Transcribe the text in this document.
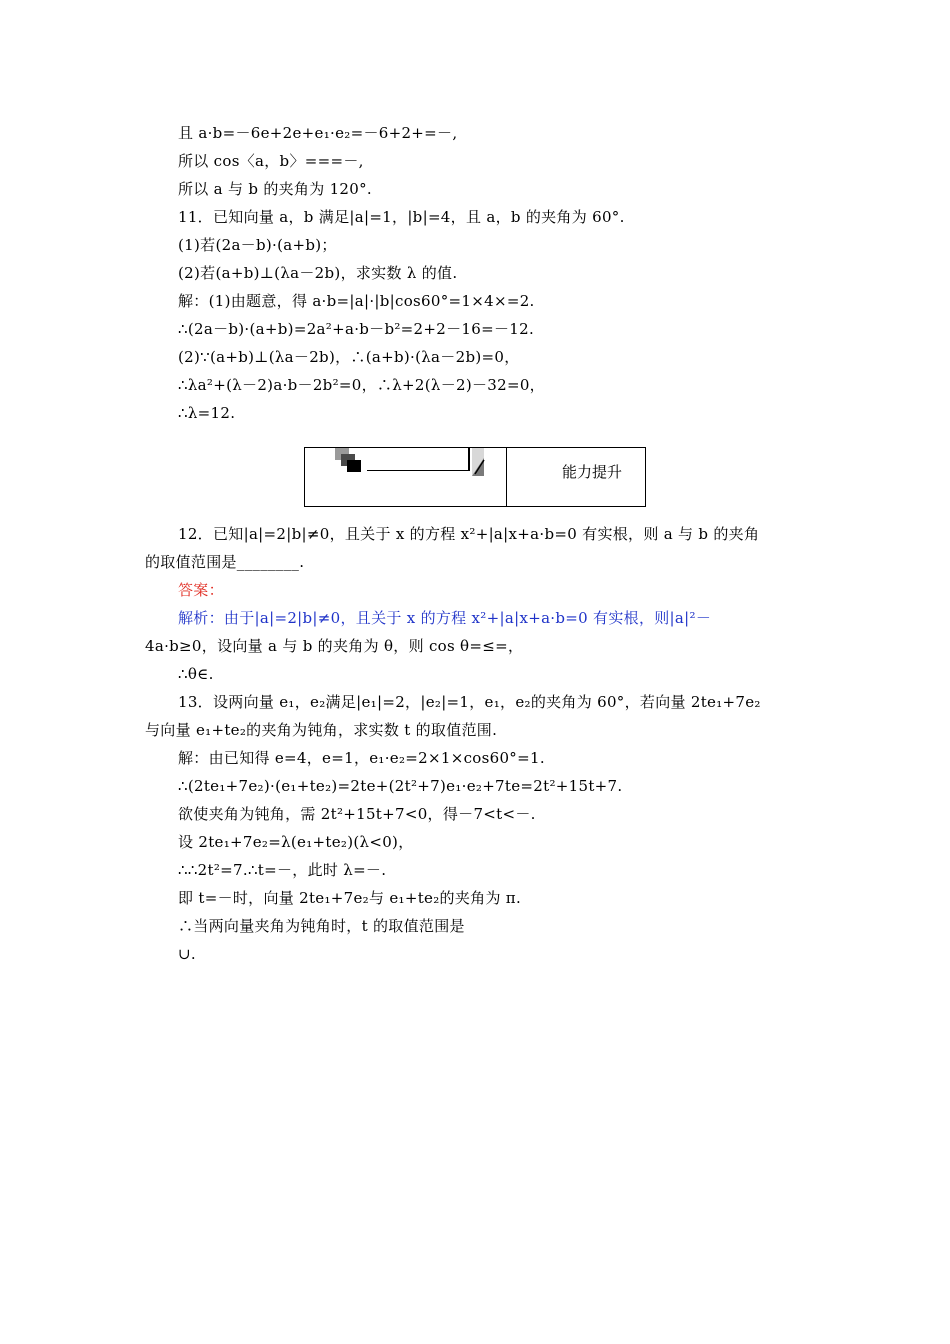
且 a·b=－6e+2e+e₁·e₂=－6+2+=－,
所以 cos〈a，b〉===－,
所以 a 与 b 的夹角为 120°.
11．已知向量 a，b 满足|a|=1，|b|=4，且 a，b 的夹角为 60°.
(1)若(2a－b)·(a+b)；
(2)若(a+b)⊥(λa－2b)，求实数 λ 的值.
解：(1)由题意，得 a·b=|a|·|b|cos60°=1×4×=2.
∴(2a－b)·(a+b)=2a²+a·b－b²=2+2－16=－12.
(2)∵(a+b)⊥(λa－2b)，∴(a+b)·(λa－2b)=0，
∴λa²+(λ－2)a·b－2b²=0，∴λ+2(λ－2)－32=0，
∴λ=12.
能力提升
12．已知|a|=2|b|≠0，且关于 x 的方程 x²+|a|x+a·b=0 有实根，则 a 与 b 的夹角
的取值范围是________.
答案：
解析：由于|a|=2|b|≠0，且关于 x 的方程 x²+|a|x+a·b=0 有实根，则|a|²－
4a·b≥0，设向量 a 与 b 的夹角为 θ，则 cos θ=≤=，
∴θ∈.
13．设两向量 e₁，e₂满足|e₁|=2，|e₂|=1，e₁，e₂的夹角为 60°，若向量 2te₁+7e₂
与向量 e₁+te₂的夹角为钝角，求实数 t 的取值范围.
解：由已知得 e=4，e=1，e₁·e₂=2×1×cos60°=1.
∴(2te₁+7e₂)·(e₁+te₂)=2te+(2t²+7)e₁·e₂+7te=2t²+15t+7.
欲使夹角为钝角，需 2t²+15t+7<0，得－7<t<－.
设 2te₁+7e₂=λ(e₁+te₂)(λ<0)，
∴∴2t²=7.∴t=－，此时 λ=－.
即 t=－时，向量 2te₁+7e₂与 e₁+te₂的夹角为 π.
∴当两向量夹角为钝角时，t 的取值范围是
∪.
